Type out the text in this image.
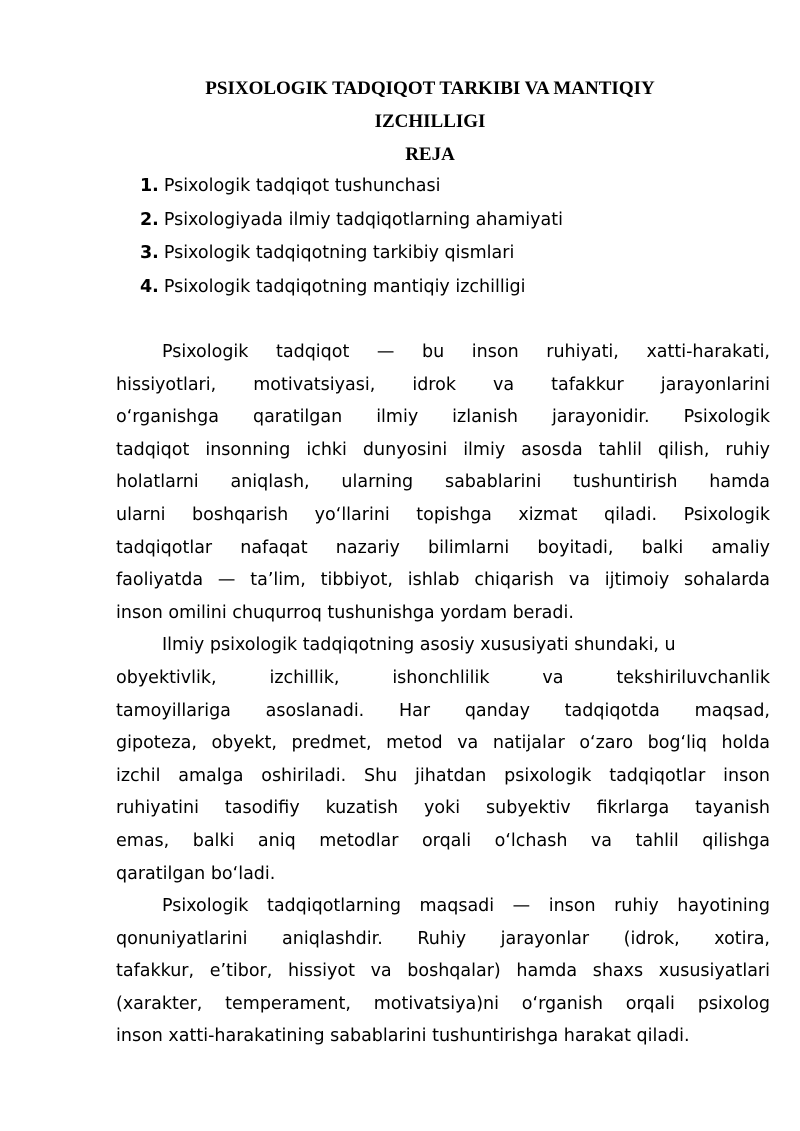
PSIXOLOGIK TADQIQOT TARKIBI VA MANTIQIY
IZCHILLIGI
REJA
1. Psixologik tadqiqot tushunchasi
2. Psixologiyada ilmiy tadqiqotlarning ahamiyati
3. Psixologik tadqiqotning tarkibiy qismlari
4. Psixologik tadqiqotning mantiqiy izchilligi

Psixologik tadqiqot — bu inson ruhiyati, xatti-harakati,
hissiyotlari, motivatsiyasi, idrok va tafakkur jarayonlarini
o‘rganishga qaratilgan ilmiy izlanish jarayonidir. Psixologik
tadqiqot insonning ichki dunyosini ilmiy asosda tahlil qilish, ruhiy
holatlarni aniqlash, ularning sabablarini tushuntirish hamda
ularni boshqarish yo‘llarini topishga xizmat qiladi. Psixologik
tadqiqotlar nafaqat nazariy bilimlarni boyitadi, balki amaliy
faoliyatda — ta’lim, tibbiyot, ishlab chiqarish va ijtimoiy sohalarda
inson omilini chuqurroq tushunishga yordam beradi.

Ilmiy psixologik tadqiqotning asosiy xususiyati shundaki, u
obyektivlik, izchillik, ishonchlilik va tekshiriluvchanlik
tamoyillariga asoslanadi. Har qanday tadqiqotda maqsad,
gipoteza, obyekt, predmet, metod va natijalar o‘zaro bog‘liq holda
izchil amalga oshiriladi. Shu jihatdan psixologik tadqiqotlar inson
ruhiyatini tasodifiy kuzatish yoki subyektiv fikrlarga tayanish
emas, balki aniq metodlar orqali o‘lchash va tahlil qilishga
qaratilgan bo‘ladi.

Psixologik tadqiqotlarning maqsadi — inson ruhiy hayotining
qonuniyatlarini aniqlashdir. Ruhiy jarayonlar (idrok, xotira,
tafakkur, e’tibor, hissiyot va boshqalar) hamda shaxs xususiyatlari
(xarakter, temperament, motivatsiya)ni o‘rganish orqali psixolog
inson xatti-harakatining sabablarini tushuntirishga harakat qiladi.
